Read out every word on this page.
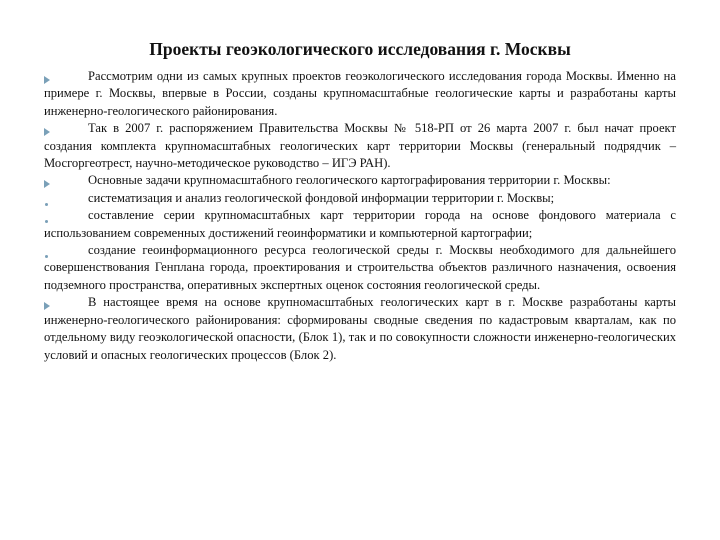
Проекты геоэкологического исследования г. Москвы

Рассмотрим одни из самых крупных проектов геоэкологического исследования города Москвы. Именно на примере г. Москвы, впервые в России, созданы крупномасштабные геологические карты и разработаны карты инженерно-геологического районирования.

Так в 2007 г. распоряжением Правительства Москвы № 518-РП от 26 марта 2007 г. был начат проект создания комплекта крупномасштабных геологических карт территории Москвы (генеральный подрядчик – Мосгоргеотрест, научно-методическое руководство – ИГЭ РАН).

Основные задачи крупномасштабного геологического картографирования территории г. Москвы:

систематизация и анализ геологической фондовой информации территории г. Москвы;

составление серии крупномасштабных карт территории города на основе фондового материала с использованием современных достижений геоинформатики и компьютерной картографии;

создание геоинформационного ресурса геологической среды г. Москвы необходимого для дальнейшего совершенствования Генплана города, проектирования и строительства объектов различного назначения, освоения подземного пространства, оперативных экспертных оценок состояния геологической среды.

В настоящее время на основе крупномасштабных геологических карт в г. Москве разработаны карты инженерно-геологического районирования: сформированы сводные сведения по кадастровым кварталам, как по отдельному виду геоэкологической опасности, (Блок 1), так и по совокупности сложности инженерно-геологических условий и опасных геологических процессов (Блок 2).
